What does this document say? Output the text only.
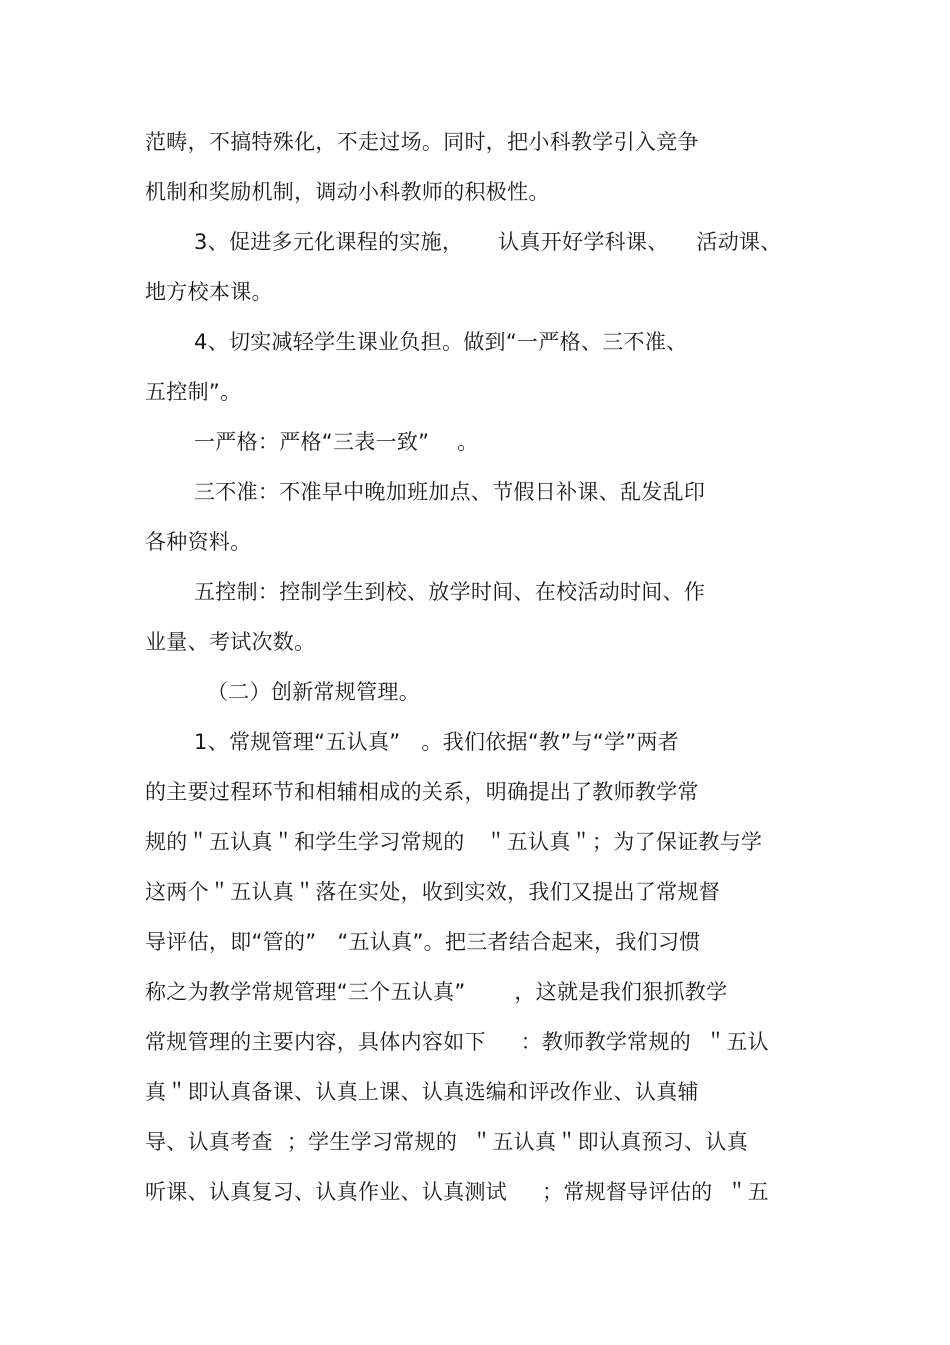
范畴，不搞特殊化，不走过场。同时，把小科教学引入竞争
机制和奖励机制，调动小科教师的积极性。
3、促进多元化课程的实施，     认真开好学科课、    活动课、
地方校本课。
4、切实减轻学生课业负担。做到“一严格、三不准、
五控制”。
一严格：严格“三表一致”    。
三不准：不准早中晚加班加点、节假日补课、乱发乱印
各种资料。
五控制：控制学生到校、放学时间、在校活动时间、作
业量、考试次数。
（二）创新常规管理。
1、常规管理“五认真”   。我们依据“教”与“学”两者
的主要过程环节和相辅相成的关系，明确提出了教师教学常
规的＂五认真＂和学生学习常规的   ＂五认真＂；为了保证教与学
这两个＂五认真＂落在实处，收到实效，我们又提出了常规督
导评估，即“管的”   “五认真”。把三者结合起来，我们习惯
称之为教学常规管理“三个五认真”       ，这就是我们狠抓教学
常规管理的主要内容，具体内容如下     ：教师教学常规的  ＂五认
真＂即认真备课、认真上课、认真选编和评改作业、认真辅
导、认真考查  ；学生学习常规的  ＂五认真＂即认真预习、认真
听课、认真复习、认真作业、认真测试     ；常规督导评估的  ＂五
